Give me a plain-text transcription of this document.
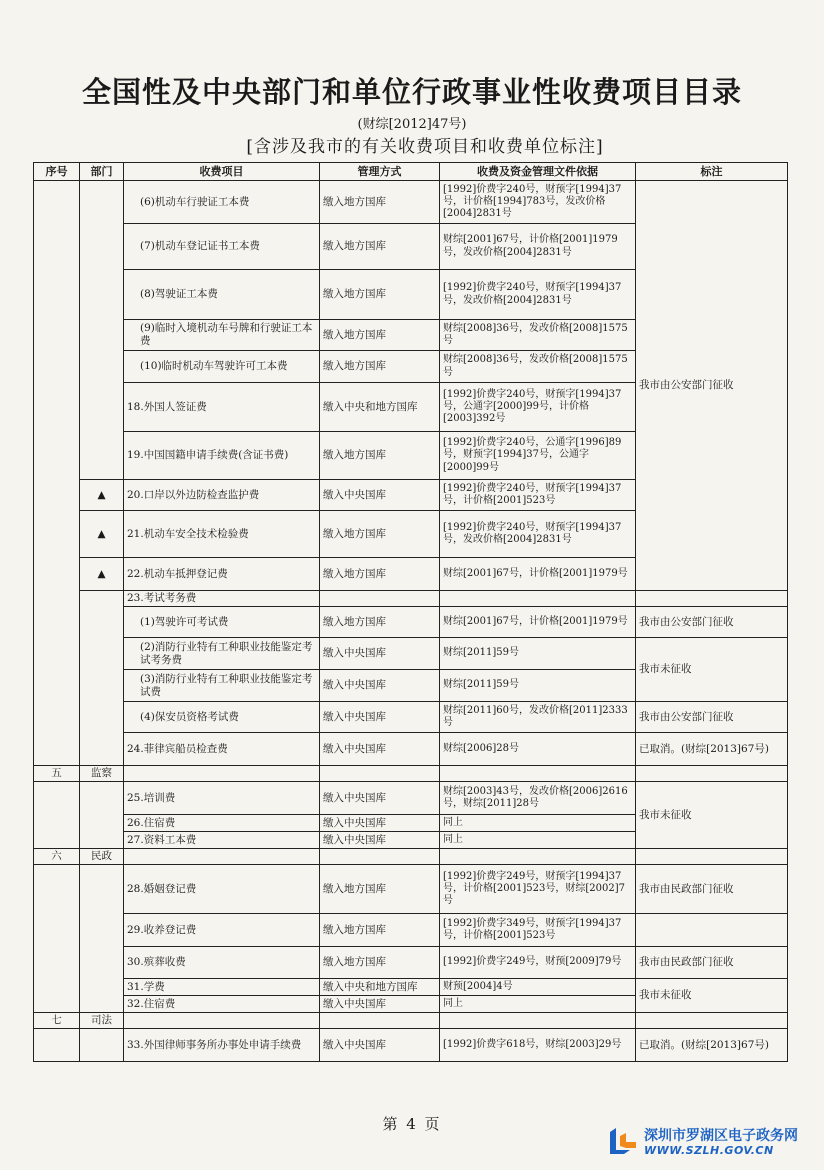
全国性及中央部门和单位行政事业性收费项目目录
(财综[2012]47号)
[含涉及我市的有关收费项目和收费单位标注]
序号	部门	收费项目	管理方式	收费及资金管理文件依据	标注
		(6)机动车行驶证工本费	缴入地方国库	[1992]价费字240号，财预字[1994]37号，计价格[1994]783号，发改价格[2004]2831号	我市由公安部门征收
		(7)机动车登记证书工本费	缴入地方国库	财综[2001]67号，计价格[2001]1979号，发改价格[2004]2831号	
		(8)驾驶证工本费	缴入地方国库	[1992]价费字240号，财预字[1994]37号，发改价格[2004]2831号	
		(9)临时入境机动车号牌和行驶证工本费	缴入地方国库	财综[2008]36号，发改价格[2008]1575号	
		(10)临时机动车驾驶许可工本费	缴入地方国库	财综[2008]36号，发改价格[2008]1575号	
		18.外国人签证费	缴入中央和地方国库	[1992]价费字240号，财预字[1994]37号，公通字[2000]99号，计价格[2003]392号	
		19.中国国籍申请手续费(含证书费)	缴入地方国库	[1992]价费字240号，公通字[1996]89号，财预字[1994]37号，公通字[2000]99号	
	▲	20.口岸以外边防检查监护费	缴入中央国库	[1992]价费字240号，财预字[1994]37号，计价格[2001]523号	
	▲	21.机动车安全技术检验费	缴入地方国库	[1992]价费字240号，财预字[1994]37号，发改价格[2004]2831号	
	▲	22.机动车抵押登记费	缴入地方国库	财综[2001]67号，计价格[2001]1979号	
		23.考试考务费			
		(1)驾驶许可考试费	缴入地方国库	财综[2001]67号，计价格[2001]1979号	我市由公安部门征收
		(2)消防行业特有工种职业技能鉴定考试考务费	缴入中央国库	财综[2011]59号	我市未征收
		(3)消防行业特有工种职业技能鉴定考试费	缴入中央国库	财综[2011]59号	
		(4)保安员资格考试费	缴入中央国库	财综[2011]60号，发改价格[2011]2333号	我市由公安部门征收
		24.菲律宾船员检查费	缴入中央国库	财综[2006]28号	已取消。(财综[2013]67号)
五	监察				
		25.培训费	缴入中央国库	财综[2003]43号，发改价格[2006]2616号，财综[2011]28号	我市未征收
		26.住宿费	缴入中央国库	同上	
		27.资料工本费	缴入中央国库	同上	
六	民政				
		28.婚姻登记费	缴入地方国库	[1992]价费字249号，财预字[1994]37号，计价格[2001]523号，财综[2002]7号	我市由民政部门征收
		29.收养登记费	缴入地方国库	[1992]价费字349号，财预字[1994]37号，计价格[2001]523号	
		30.殡葬收费	缴入地方国库	[1992]价费字249号，财预[2009]79号	我市由民政部门征收
		31.学费	缴入中央和地方国库	财预[2004]4号	我市未征收
		32.住宿费	缴入中央国库	同上	
七	司法				
		33.外国律师事务所办事处申请手续费	缴入中央国库	[1992]价费字618号，财综[2003]29号	已取消。(财综[2013]67号)
第 4 页
深圳市罗湖区电子政务网
WWW.SZLH.GOV.CN
